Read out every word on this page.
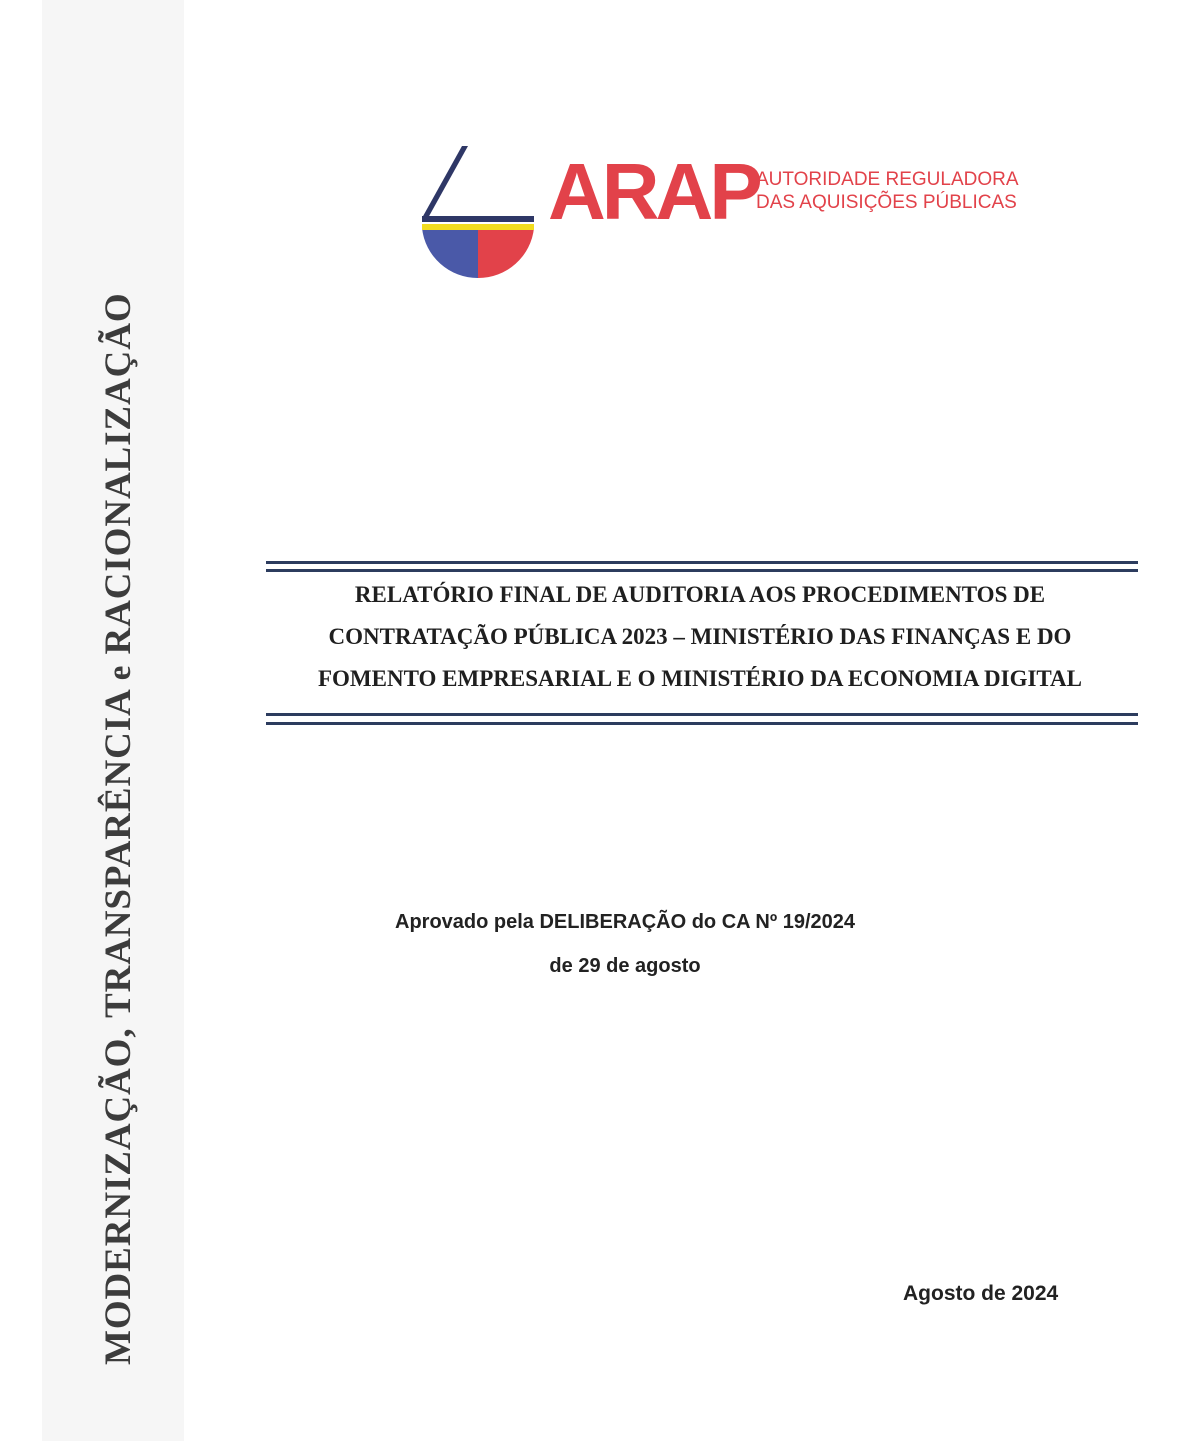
MODERNIZAÇÃO, TRANSPARÊNCIA e RACIONALIZAÇÃO
ARAP
AUTORIDADE REGULADORA
DAS AQUISIÇÕES PÚBLICAS
RELATÓRIO FINAL DE AUDITORIA AOS PROCEDIMENTOS DE
CONTRATAÇÃO PÚBLICA 2023 – MINISTÉRIO DAS FINANÇAS E DO
FOMENTO EMPRESARIAL E O MINISTÉRIO DA ECONOMIA DIGITAL
Aprovado pela DELIBERAÇÃO do CA Nº 19/2024
de 29 de agosto
Agosto de 2024
